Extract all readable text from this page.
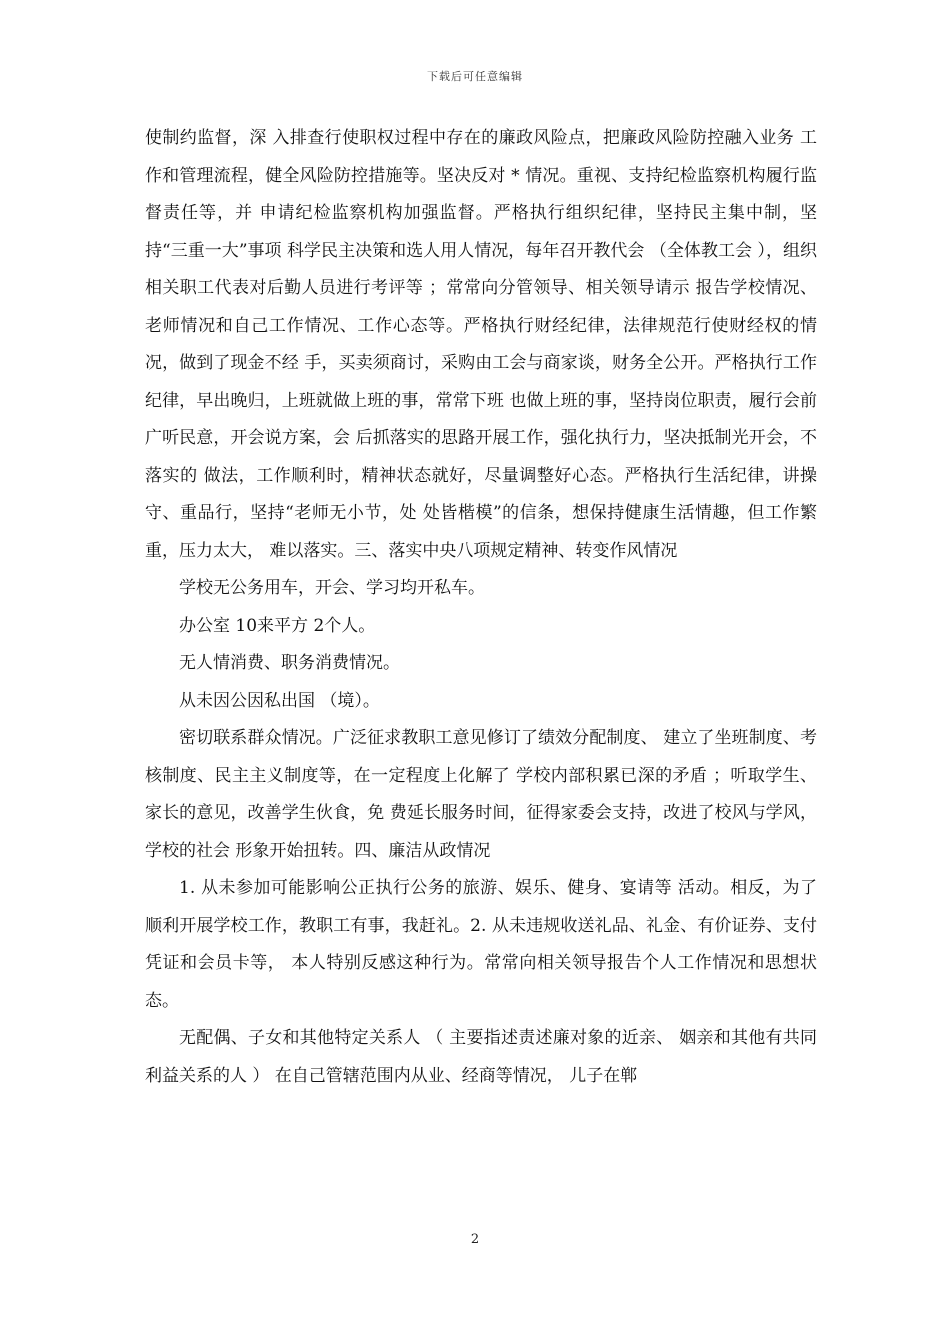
下载后可任意编辑

使制约监督，深 入排查行使职权过程中存在的廉政风险点，把廉政风险防控融入业务 工作和管理流程，健全风险防控措施等。坚决反对 * 情况。重视、支持纪检监察机构履行监督责任等，并 申请纪检监察机构加强监督。严格执行组织纪律，坚持民主集中制，坚持“三重一大”事项 科学民主决策和选人用人情况，每年召开教代会 （全体教工会 ），组织 相关职工代表对后勤人员进行考评等 ；常常向分管领导、相关领导请示 报告学校情况、老师情况和自己工作情况、工作心态等。严格执行财经纪律，法律规范行使财经权的情况，做到了现金不经 手，买卖须商讨，采购由工会与商家谈，财务全公开。严格执行工作纪律，早出晚归，上班就做上班的事，常常下班 也做上班的事，坚持岗位职责，履行会前广听民意，开会说方案，会 后抓落实的思路开展工作，强化执行力，坚决抵制光开会，不落实的 做法，工作顺利时，精神状态就好，尽量调整好心态。严格执行生活纪律，讲操守、重品行，坚持“老师无小节，处 处皆楷模”的信条，想保持健康生活情趣，但工作繁重，压力太大， 难以落实。三、落实中央八项规定精神、转变作风情况

学校无公务用车，开会、学习均开私车。

办公室 10来平方 2个人。

无人情消费、职务消费情况。

从未因公因私出国 （境）。

密切联系群众情况。广泛征求教职工意见修订了绩效分配制度、 建立了坐班制度、考核制度、民主主义制度等，在一定程度上化解了 学校内部积累已深的矛盾 ；听取学生、家长的意见，改善学生伙食，免 费延长服务时间，征得家委会支持，改进了校风与学风，学校的社会 形象开始扭转。四、廉洁从政情况

1. 从未参加可能影响公正执行公务的旅游、娱乐、健身、宴请等 活动。相反，为了顺利开展学校工作，教职工有事，我赶礼。2. 从未违规收送礼品、礼金、有价证券、支付凭证和会员卡等， 本人特别反感这种行为。常常向相关领导报告个人工作情况和思想状态。

无配偶、子女和其他特定关系人 （ 主要指述责述廉对象的近亲、 姻亲和其他有共同利益关系的人 ） 在自己管辖范围内从业、经商等情况， 儿子在郸

2
